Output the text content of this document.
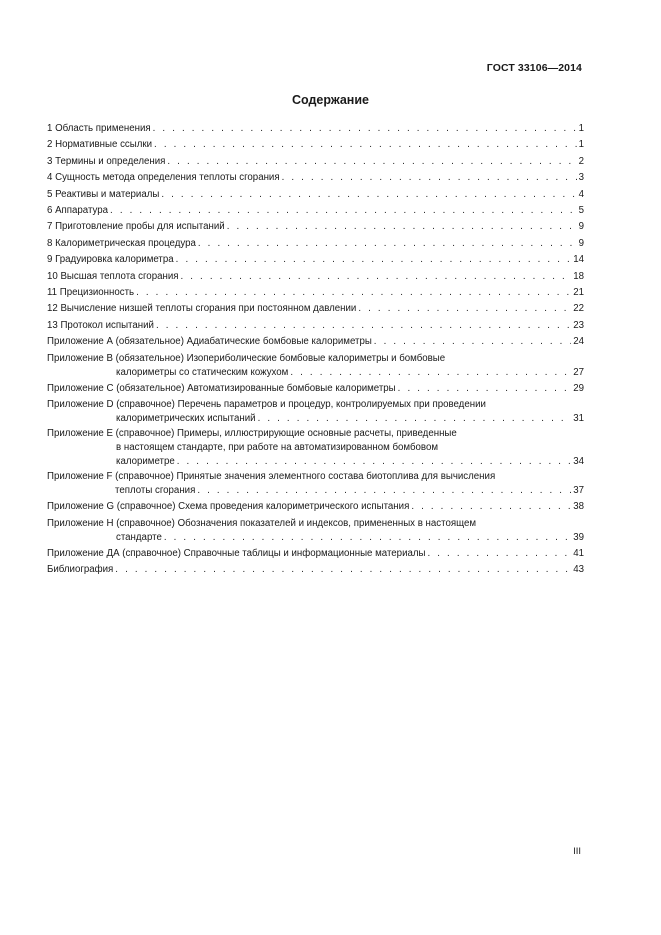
ГОСТ 33106—2014
Содержание
1 Область применения . . .	1
2 Нормативные ссылки . . .	1
3 Термины и определения . . .	2
4 Сущность метода определения теплоты сгорания . . .	3
5 Реактивы и материалы . . .	4
6 Аппаратура . . .	5
7 Приготовление пробы для испытаний . . .	9
8 Калориметрическая процедура . . .	9
9 Градуировка калориметра . . .	14
10 Высшая теплота сгорания . . .	18
11 Прецизионность . . .	21
12 Вычисление низшей теплоты сгорания при постоянном давлении . . .	22
13 Протокол испытаний . . .	23
Приложение А (обязательное) Адиабатические бомбовые калориметры . . .	24
Приложение В (обязательное) Изопериболические бомбовые калориметры и бомбовые
калориметры со статическим кожухом . . .	27
Приложение С (обязательное) Автоматизированные бомбовые калориметры . . .	29
Приложение D (справочное) Перечень параметров и процедур, контролируемых при проведении
калориметрических испытаний . . .	31
Приложение Е (справочное) Примеры, иллюстрирующие основные расчеты, приведенные
в настоящем стандарте, при работе на автоматизированном бомбовом
калориметре . . .	34
Приложение F (справочное) Принятые значения элементного состава биотоплива для вычисления
теплоты сгорания . . .	37
Приложение G (справочное) Схема проведения калориметрического испытания . . .	38
Приложение Н (справочное) Обозначения показателей и индексов, примененных в настоящем
стандарте . . .	39
Приложение ДА (справочное) Справочные таблицы и информационные материалы . . .	41
Библиография . . .	43
III
